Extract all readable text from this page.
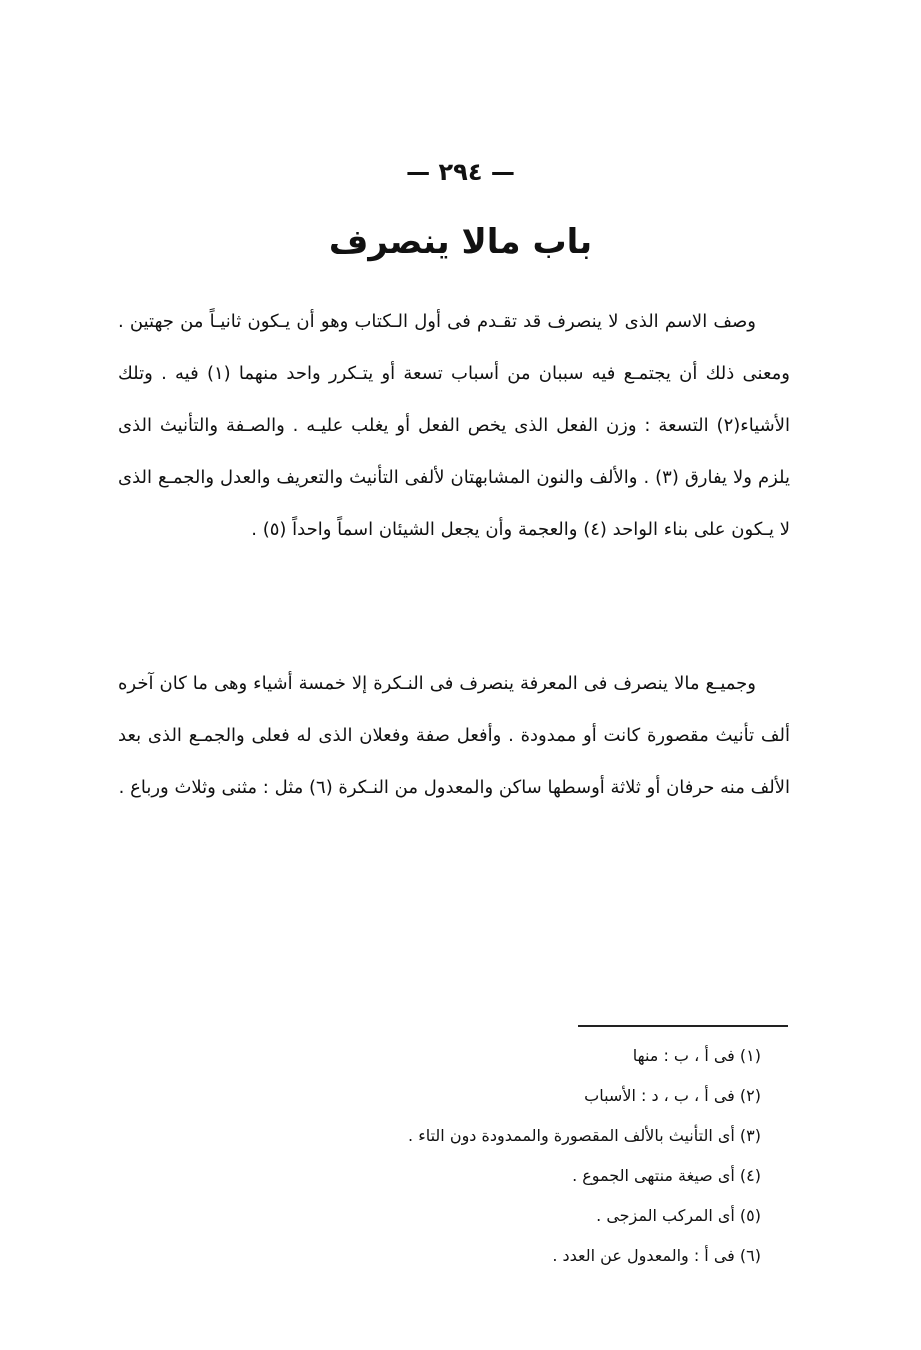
— ٢٩٤ —
باب مالا ينصرف

وصف الاسم الذى لا ينصرف قد تقـدم فى أول الـكتاب وهو أن يـكون ثانيـاً من جهتين . ومعنى ذلك أن يجتمـع فيه سببان من أسباب تسعة أو يتـكرر واحد منهما (١) فيه . وتلك الأشياء(٢) التسعة : وزن الفعل الذى يخص الفعل أو يغلب عليـه . والصـفة والتأنيث الذى يلزم ولا يفارق (٣) . والألف والنون المشابهتان لألفى التأنيث والتعريف والعدل والجمـع الذى لا يـكون على بناء الواحد (٤) والعجمة وأن يجعل الشيئان اسماً واحداً (٥) .

وجميـع مالا ينصرف فى المعرفة ينصرف فى النـكرة إلا خمسة أشياء وهى ما كان آخره ألف تأنيث مقصورة كانت أو ممدودة . وأفعل صفة وفعلان الذى له فعلى والجمـع الذى بعد الألف منه حرفان أو ثلاثة أوسطها ساكن والمعدول من النـكرة (٦) مثل : مثنى وثلاث ورباع .

(١) فى أ ، ب : منها
(٢) فى أ ، ب ، د : الأسباب
(٣) أى التأنيث بالألف المقصورة والممدودة دون التاء .
(٤) أى صيغة منتهى الجموع .
(٥) أى المركب المزجى .
(٦) فى أ : والمعدول عن العدد .
